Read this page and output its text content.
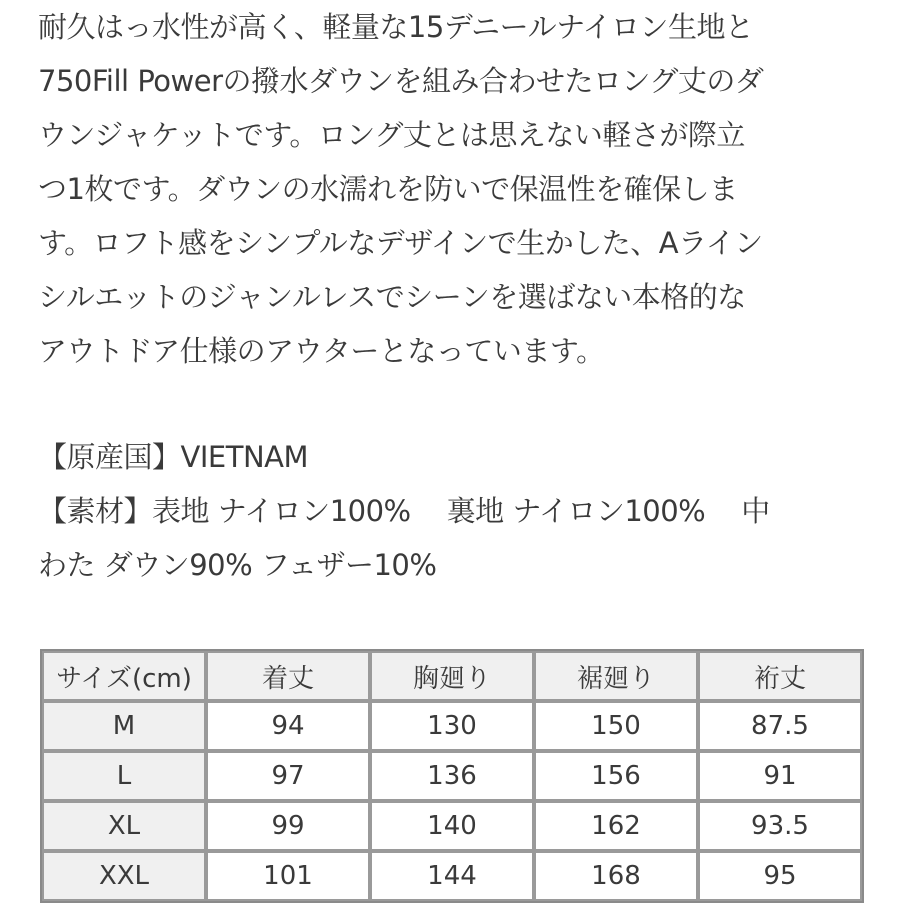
耐久はっ水性が高く、軽量な15デニールナイロン生地と
750Fill Powerの撥水ダウンを組み合わせたロング丈のダ
ウンジャケットです。ロング丈とは思えない軽さが際立
つ1枚です。ダウンの水濡れを防いで保温性を確保しま
す。ロフト感をシンプルなデザインで生かした、Aライン
シルエットのジャンルレスでシーンを選ばない本格的な
アウトドア仕様のアウターとなっています。
【原産国】VIETNAM
【素材】表地 ナイロン100% 裏地 ナイロン100% 中
わた ダウン90% フェザー10%
サイズ(cm)	着丈	胸廻り	裾廻り	裄丈
M	94	130	150	87.5
L	97	136	156	91
XL	99	140	162	93.5
XXL	101	144	168	95
